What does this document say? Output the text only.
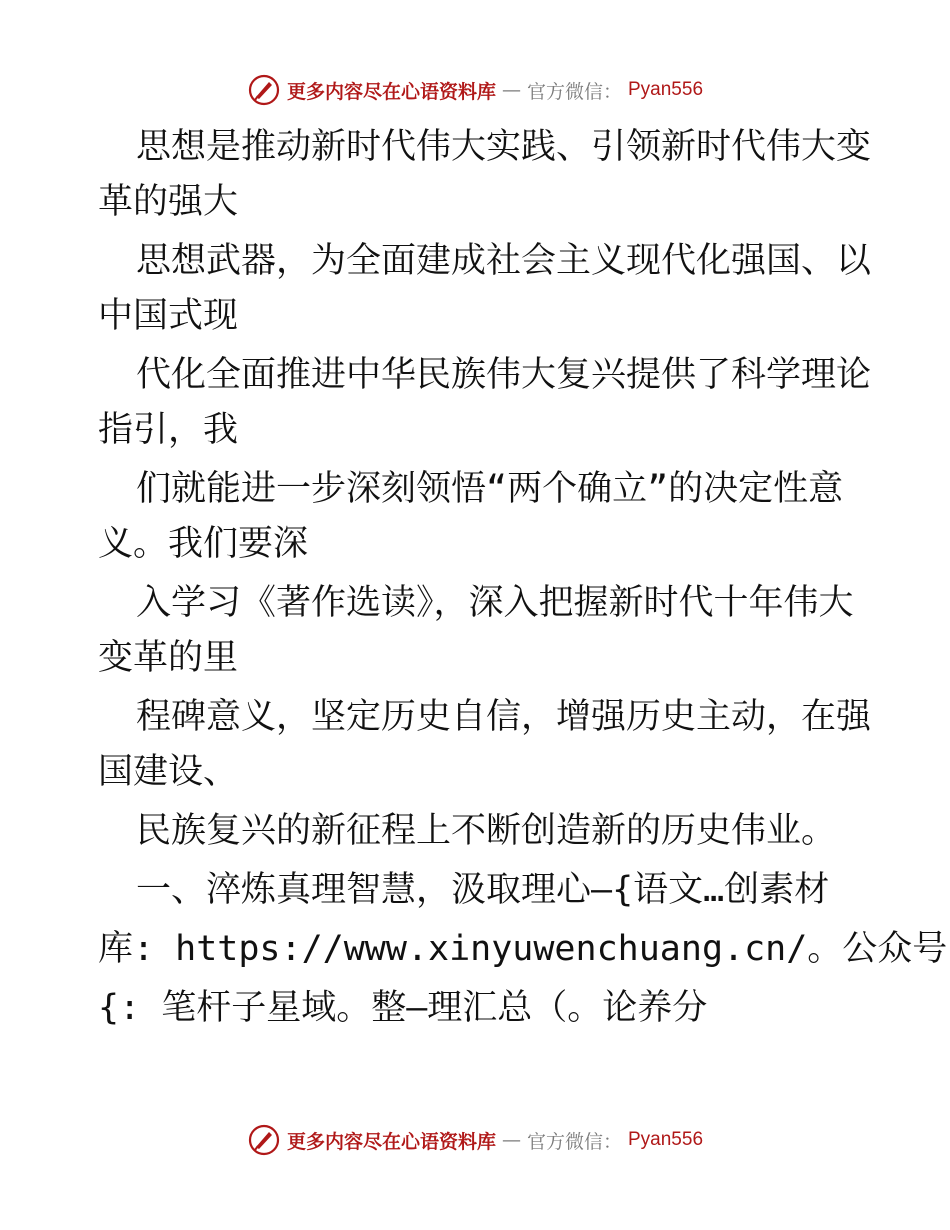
更多内容尽在心语资料库 — 官方微信： Pyan556
思想是推动新时代伟大实践、引领新时代伟大变
革的强大
思想武器，为全面建成社会主义现代化强国、以
中国式现
代化全面推进中华民族伟大复兴提供了科学理论
指引，我
们就能进一步深刻领悟“两个确立”的决定性意
义。我们要深
入学习《著作选读》，深入把握新时代十年伟大
变革的里
程碑意义，坚定历史自信，增强历史主动，在强
国建设、
民族复兴的新征程上不断创造新的历史伟业。
一、淬炼真理智慧，汲取理心—{语文…创素材
库: https://www.xinyuwenchuang.cn/。公众号
{: 笔杆子星域。整—理汇总（。论养分
更多内容尽在心语资料库 — 官方微信： Pyan556
